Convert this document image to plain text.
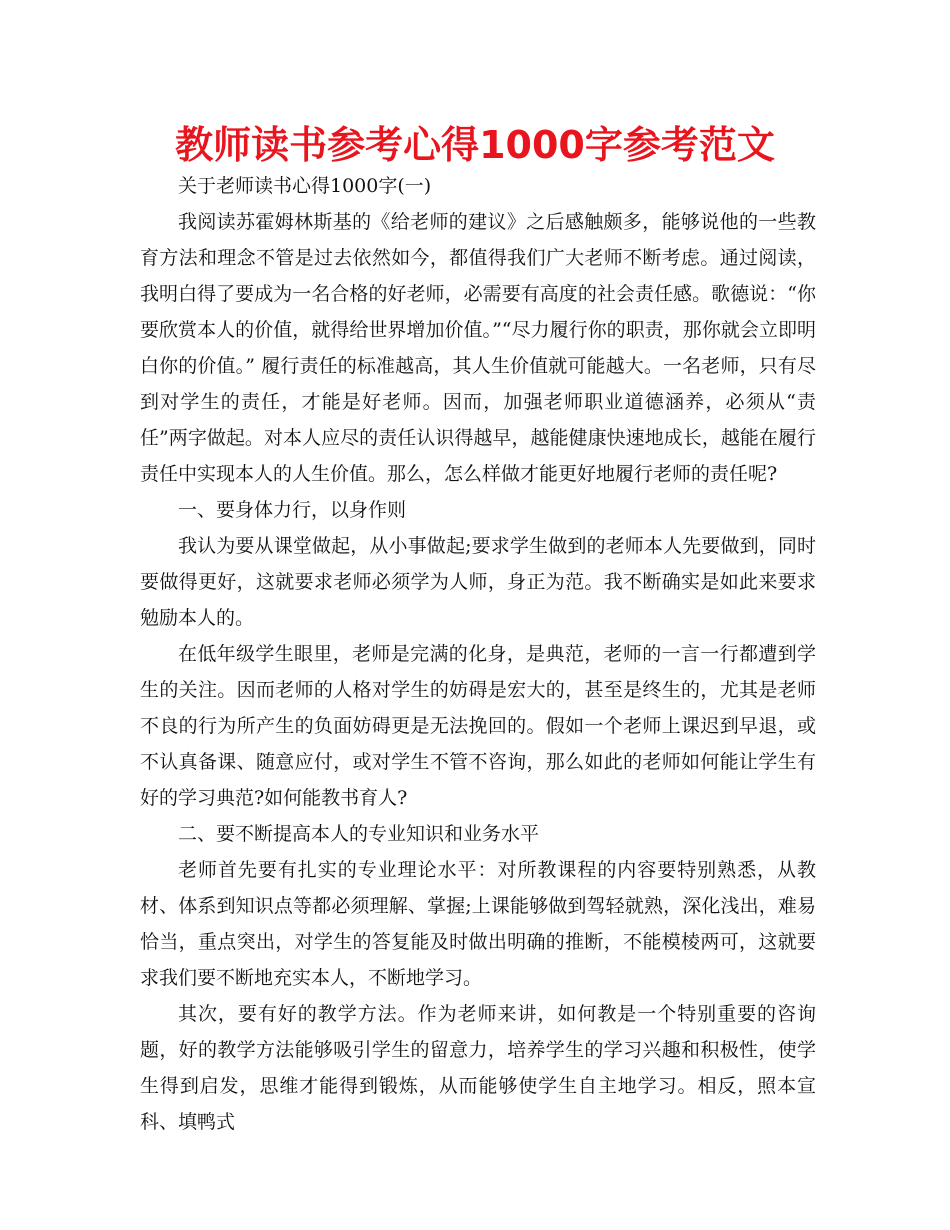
教师读书参考心得1000字参考范文

关于老师读书心得1000字(一)

我阅读苏霍姆林斯基的《给老师的建议》之后感触颇多，能够说他的一些教育方法和理念不管是过去依然如今，都值得我们广大老师不断考虑。通过阅读，我明白得了要成为一名合格的好老师，必需要有高度的社会责任感。歌德说：“你要欣赏本人的价值，就得给世界增加价值。”“尽力履行你的职责，那你就会立即明白你的价值。” 履行责任的标准越高，其人生价值就可能越大。一名老师，只有尽到对学生的责任，才能是好老师。因而，加强老师职业道德涵养，必须从“责任”两字做起。对本人应尽的责任认识得越早，越能健康快速地成长，越能在履行责任中实现本人的人生价值。那么，怎么样做才能更好地履行老师的责任呢?

一、要身体力行，以身作则

我认为要从课堂做起，从小事做起;要求学生做到的老师本人先要做到，同时要做得更好，这就要求老师必须学为人师，身正为范。我不断确实是如此来要求勉励本人的。

在低年级学生眼里，老师是完满的化身，是典范，老师的一言一行都遭到学生的关注。因而老师的人格对学生的妨碍是宏大的，甚至是终生的，尤其是老师不良的行为所产生的负面妨碍更是无法挽回的。假如一个老师上课迟到早退，或不认真备课、随意应付，或对学生不管不咨询，那么如此的老师如何能让学生有好的学习典范?如何能教书育人?

二、要不断提高本人的专业知识和业务水平

老师首先要有扎实的专业理论水平：对所教课程的内容要特别熟悉，从教材、体系到知识点等都必须理解、掌握;上课能够做到驾轻就熟，深化浅出，难易恰当，重点突出，对学生的答复能及时做出明确的推断，不能模棱两可，这就要求我们要不断地充实本人，不断地学习。

其次，要有好的教学方法。作为老师来讲，如何教是一个特别重要的咨询题，好的教学方法能够吸引学生的留意力，培养学生的学习兴趣和积极性，使学生得到启发，思维才能得到锻炼，从而能够使学生自主地学习。相反，照本宣科、填鸭式
